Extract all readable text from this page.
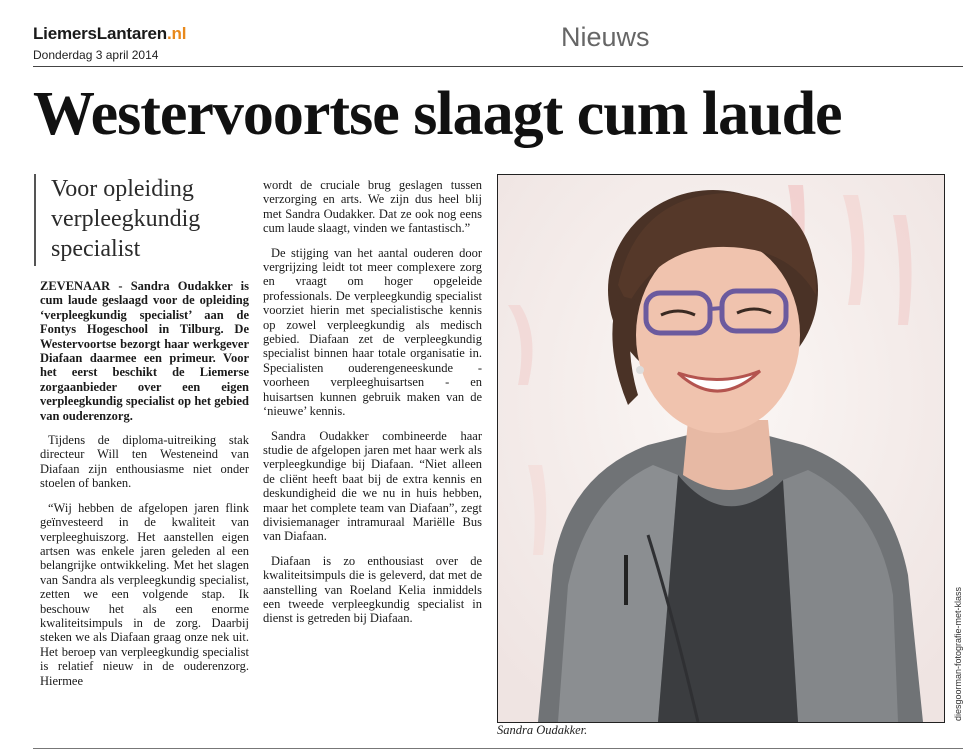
LiemersLantaren.nl
Donderdag 3 april 2014
Nieuws
Westervoortse slaagt cum laude
Voor opleiding verpleegkundig specialist

ZEVENAAR - Sandra Oudakker is cum laude geslaagd voor de opleiding ‘verpleegkundig specialist’ aan de Fontys Hogeschool in Tilburg. De Westervoortse bezorgt haar werkgever Diafaan daarmee een primeur. Voor het eerst beschikt de Liemerse zorgaanbieder over een eigen verpleegkundig specialist op het gebied van ouderenzorg.

Tijdens de diploma-uitreiking stak directeur Will ten Westeneind van Diafaan zijn enthousiasme niet onder stoelen of banken.

“Wij hebben de afgelopen jaren flink geïnvesteerd in de kwaliteit van verpleeghuiszorg. Het aanstellen eigen artsen was enkele jaren geleden al een belangrijke ontwikkeling. Met het slagen van Sandra als verpleegkundig specialist, zetten we een volgende stap. Ik beschouw het als een enorme kwaliteitsimpuls in de zorg. Daarbij steken we als Diafaan graag onze nek uit. Het beroep van verpleegkundig specialist is relatief nieuw in de ouderenzorg. Hiermee

wordt de cruciale brug geslagen tussen verzorging en arts. We zijn dus heel blij met Sandra Oudakker. Dat ze ook nog eens cum laude slaagt, vinden we fantastisch.”

De stijging van het aantal ouderen door vergrijzing leidt tot meer complexere zorg en vraagt om hoger opgeleide professionals. De verpleegkundig specialist voorziet hierin met specialistische kennis op zowel verpleegkundig als medisch gebied. Diafaan zet de verpleegkundig specialist binnen haar totale organisatie in. Specialisten ouderengeneeskunde - voorheen verpleeghuisartsen - en huisartsen kunnen gebruik maken van de ‘nieuwe’ kennis.

Sandra Oudakker combineerde haar studie de afgelopen jaren met haar werk als verpleegkundige bij Diafaan. “Niet alleen de cliënt heeft baat bij de extra kennis en deskundigheid die we nu in huis hebben, maar het complete team van Diafaan”, zegt divisiemanager intramuraal Mariëlle Bus van Diafaan.

Diafaan is zo enthousiast over de kwaliteitsimpuls die is geleverd, dat met de aanstelling van Roeland Kelia inmiddels een tweede verpleegkundig specialist in dienst is getreden bij Diafaan.

Sandra Oudakker.
diesgoorman-fotografie-met-klass
